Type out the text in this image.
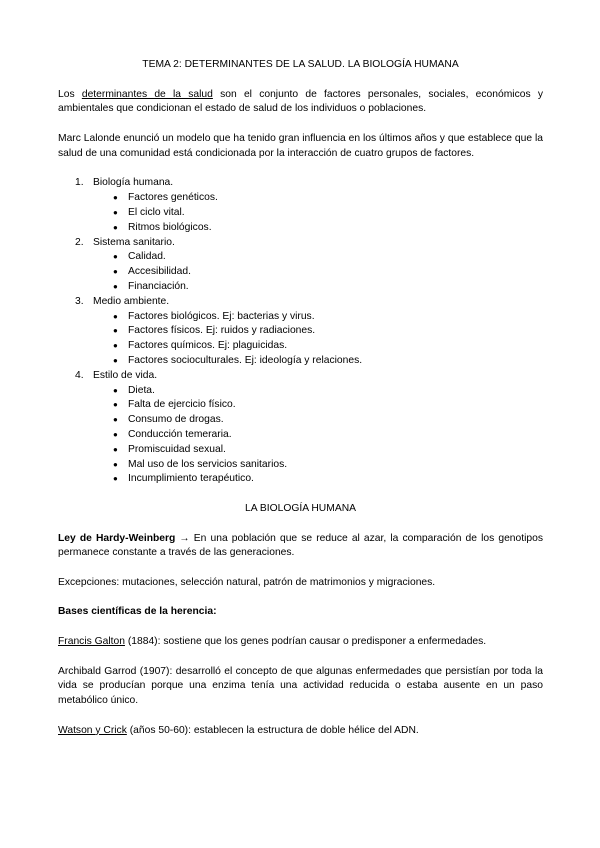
TEMA 2: DETERMINANTES DE LA SALUD. LA BIOLOGÍA HUMANA

Los determinantes de la salud son el conjunto de factores personales, sociales, económicos y ambientales que condicionan el estado de salud de los individuos o poblaciones.

Marc Lalonde enunció un modelo que ha tenido gran influencia en los últimos años y que establece que la salud de una comunidad está condicionada por la interacción de cuatro grupos de factores.

1. Biología humana.
● Factores genéticos.
● El ciclo vital.
● Ritmos biológicos.
2. Sistema sanitario.
● Calidad.
● Accesibilidad.
● Financiación.
3. Medio ambiente.
● Factores biológicos. Ej: bacterias y virus.
● Factores físicos. Ej: ruidos y radiaciones.
● Factores químicos. Ej: plaguicidas.
● Factores socioculturales. Ej: ideología y relaciones.
4. Estilo de vida.
● Dieta.
● Falta de ejercicio físico.
● Consumo de drogas.
● Conducción temeraria.
● Promiscuidad sexual.
● Mal uso de los servicios sanitarios.
● Incumplimiento terapéutico.

LA BIOLOGÍA HUMANA

Ley de Hardy-Weinberg → En una población que se reduce al azar, la comparación de los genotipos permanece constante a través de las generaciones.

Excepciones: mutaciones, selección natural, patrón de matrimonios y migraciones.

Bases científicas de la herencia:

Francis Galton (1884): sostiene que los genes podrían causar o predisponer a enfermedades.

Archibald Garrod (1907): desarrolló el concepto de que algunas enfermedades que persistían por toda la vida se producían porque una enzima tenía una actividad reducida o estaba ausente en un paso metabólico único.

Watson y Crick (años 50-60): establecen la estructura de doble hélice del ADN.
